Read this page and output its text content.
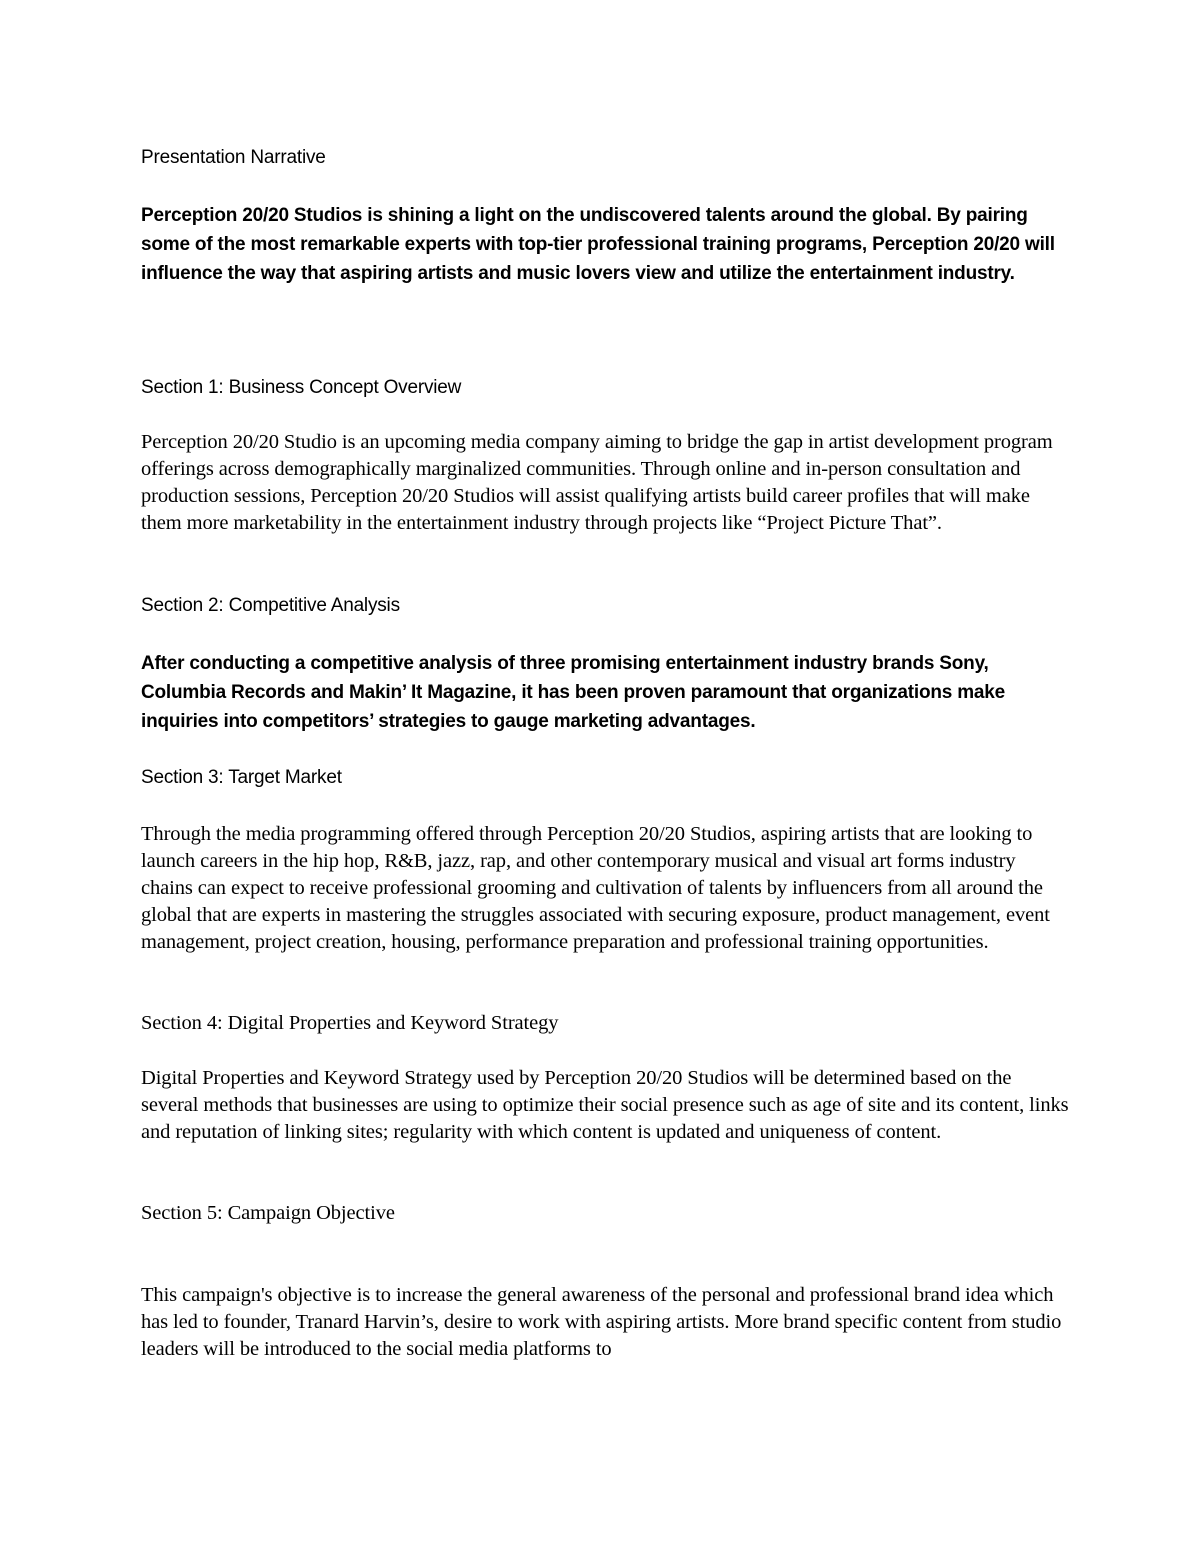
Presentation Narrative

Perception 20/20 Studios is shining a light on the undiscovered talents around the global. By pairing some of the most remarkable experts with top-tier professional training programs, Perception 20/20 will influence the way that aspiring artists and music lovers view and utilize the entertainment industry.

Section 1: Business Concept Overview

Perception 20/20 Studio is an upcoming media company aiming to bridge the gap in artist development program offerings across demographically marginalized communities. Through online and in-person consultation and production sessions, Perception 20/20 Studios will assist qualifying artists build career profiles that will make them more marketability in the entertainment industry through projects like “Project Picture That”.

Section 2: Competitive Analysis

After conducting a competitive analysis of three promising entertainment industry brands Sony, Columbia Records and Makin’ It Magazine, it has been proven paramount that organizations make inquiries into competitors’ strategies to gauge marketing advantages.

Section 3: Target Market

Through the media programming offered through Perception 20/20 Studios, aspiring artists that are looking to launch careers in the hip hop, R&B, jazz, rap, and other contemporary musical and visual art forms industry chains can expect to receive professional grooming and cultivation of talents by influencers from all around the global that are experts in mastering the struggles associated with securing exposure, product management, event management, project creation, housing, performance preparation and professional training opportunities.

Section 4: Digital Properties and Keyword Strategy

Digital Properties and Keyword Strategy used by Perception 20/20 Studios will be determined based on the several methods that businesses are using to optimize their social presence such as age of site and its content, links and reputation of linking sites; regularity with which content is updated and uniqueness of content.

Section 5: Campaign Objective

This campaign's objective is to increase the general awareness of the personal and professional brand idea which has led to founder, Tranard Harvin’s, desire to work with aspiring artists. More brand specific content from studio leaders will be introduced to the social media platforms to
